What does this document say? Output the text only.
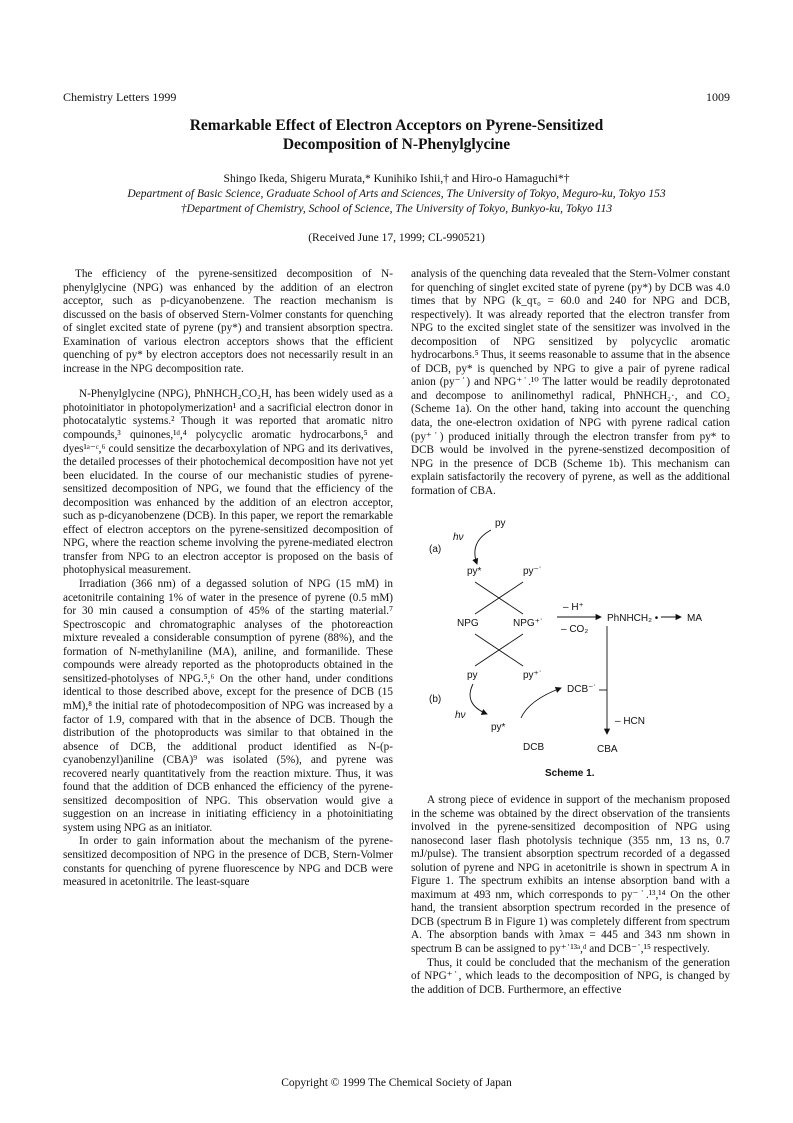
Chemistry Letters 1999	1009
Remarkable Effect of Electron Acceptors on Pyrene-Sensitized
Decomposition of N-Phenylglycine
Shingo Ikeda, Shigeru Murata,* Kunihiko Ishii,† and Hiro-o Hamaguchi*†
Department of Basic Science, Graduate School of Arts and Sciences, The University of Tokyo, Meguro-ku, Tokyo 153
†Department of Chemistry, School of Science, The University of Tokyo, Bunkyo-ku, Tokyo 113
(Received June 17, 1999; CL-990521)

The efficiency of the pyrene-sensitized decomposition of N-phenylglycine (NPG) was enhanced by the addition of an electron acceptor, such as p-dicyanobenzene. The reaction mechanism is discussed on the basis of observed Stern-Volmer constants for quenching of singlet excited state of pyrene (py*) and transient absorption spectra. Examination of various electron acceptors shows that the efficient quenching of py* by electron acceptors does not necessarily result in an increase in the NPG decomposition rate.

N-Phenylglycine (NPG), PhNHCH₂CO₂H, has been widely used as a photoinitiator in photopolymerization¹ and a sacrificial electron donor in photocatalytic systems.² Though it was reported that aromatic nitro compounds,³ quinones,¹ᵈ,⁴ polycyclic aromatic hydrocarbons,⁵ and dyes¹ᵃ⁻ᶜ,⁶ could sensitize the decarboxylation of NPG and its derivatives, the detailed processes of their photochemical decomposition have not yet been elucidated. In the course of our mechanistic studies of pyrene-sensitized decomposition of NPG, we found that the efficiency of the decomposition was enhanced by the addition of an electron acceptor, such as p-dicyanobenzene (DCB). In this paper, we report the remarkable effect of electron acceptors on the pyrene-sensitized decomposition of NPG, where the reaction scheme involving the pyrene-mediated electron transfer from NPG to an electron acceptor is proposed on the basis of photophysical measurement.

Irradiation (366 nm) of a degassed solution of NPG (15 mM) in acetonitrile containing 1% of water in the presence of pyrene (0.5 mM) for 30 min caused a consumption of 45% of the starting material.⁷ Spectroscopic and chromatographic analyses of the photoreaction mixture revealed a considerable consumption of pyrene (88%), and the formation of N-methylaniline (MA), aniline, and formanilide. These compounds were already reported as the photoproducts obtained in the sensitized-photolyses of NPG.⁵,⁶ On the other hand, under conditions identical to those described above, except for the presence of DCB (15 mM),⁸ the initial rate of photodecomposition of NPG was increased by a factor of 1.9, compared with that in the absence of DCB. Though the distribution of the photoproducts was similar to that obtained in the absence of DCB, the additional product identified as N-(p-cyanobenzyl)aniline (CBA)⁹ was isolated (5%), and pyrene was recovered nearly quantitatively from the reaction mixture. Thus, it was found that the addition of DCB enhanced the efficiency of the pyrene-sensitized decomposition of NPG. This observation would give a suggestion on an increase in initiating efficiency in a photoinitiating system using NPG as an initiator.

In order to gain information about the mechanism of the pyrene-sensitized decomposition of NPG in the presence of DCB, Stern-Volmer constants for quenching of pyrene fluorescence by NPG and DCB were measured in acetonitrile. The least-square

analysis of the quenching data revealed that the Stern-Volmer constant for quenching of singlet excited state of pyrene (py*) by DCB was 4.0 times that by NPG (k_qτ₀ = 60.0 and 240 for NPG and DCB, respectively). It was already reported that the electron transfer from NPG to the excited singlet state of the sensitizer was involved in the decomposition of NPG sensitized by polycyclic aromatic hydrocarbons.⁵ Thus, it seems reasonable to assume that in the absence of DCB, py* is quenched by NPG to give a pair of pyrene radical anion (py⁻˙) and NPG⁺˙.¹⁰ The latter would be readily deprotonated and decompose to anilinomethyl radical, PhNHCH₂·, and CO₂ (Scheme 1a). On the other hand, taking into account the quenching data, the one-electron oxidation of NPG with pyrene radical cation (py⁺˙) produced initially through the electron transfer from py* to DCB would be involved in the pyrene-senstized decomposition of NPG in the presence of DCB (Scheme 1b). This mechanism can explain satisfactorily the recovery of pyrene, as well as the additional formation of CBA.

(a)
hν
py
py*	py⁻˙
NPG	NPG⁺˙
– H⁺
– CO₂
PhNHCH₂ •	MA
py	py⁺˙
(b)
hν
py*
DCB⁻˙
DCB
– HCN
CBA
Scheme 1.

A strong piece of evidence in support of the mechanism proposed in the scheme was obtained by the direct observation of the transients involved in the pyrene-sensitized decomposition of NPG using nanosecond laser flash photolysis technique (355 nm, 13 ns, 0.7 mJ/pulse). The transient absorption spectrum recorded of a degassed solution of pyrene and NPG in acetonitrile is shown in spectrum A in Figure 1. The spectrum exhibits an intense absorption band with a maximum at 493 nm, which corresponds to py⁻˙.¹³,¹⁴ On the other hand, the transient absorption spectrum recorded in the presence of DCB (spectrum B in Figure 1) was completely different from spectrum A. The absorption bands with λmax = 445 and 343 nm shown in spectrum B can be assigned to py⁺˙¹³ᵃ,ᵈ and DCB⁻˙,¹⁵ respectively.

Thus, it could be concluded that the mechanism of the generation of NPG⁺˙, which leads to the decomposition of NPG, is changed by the addition of DCB. Furthermore, an effective

Copyright © 1999 The Chemical Society of Japan
